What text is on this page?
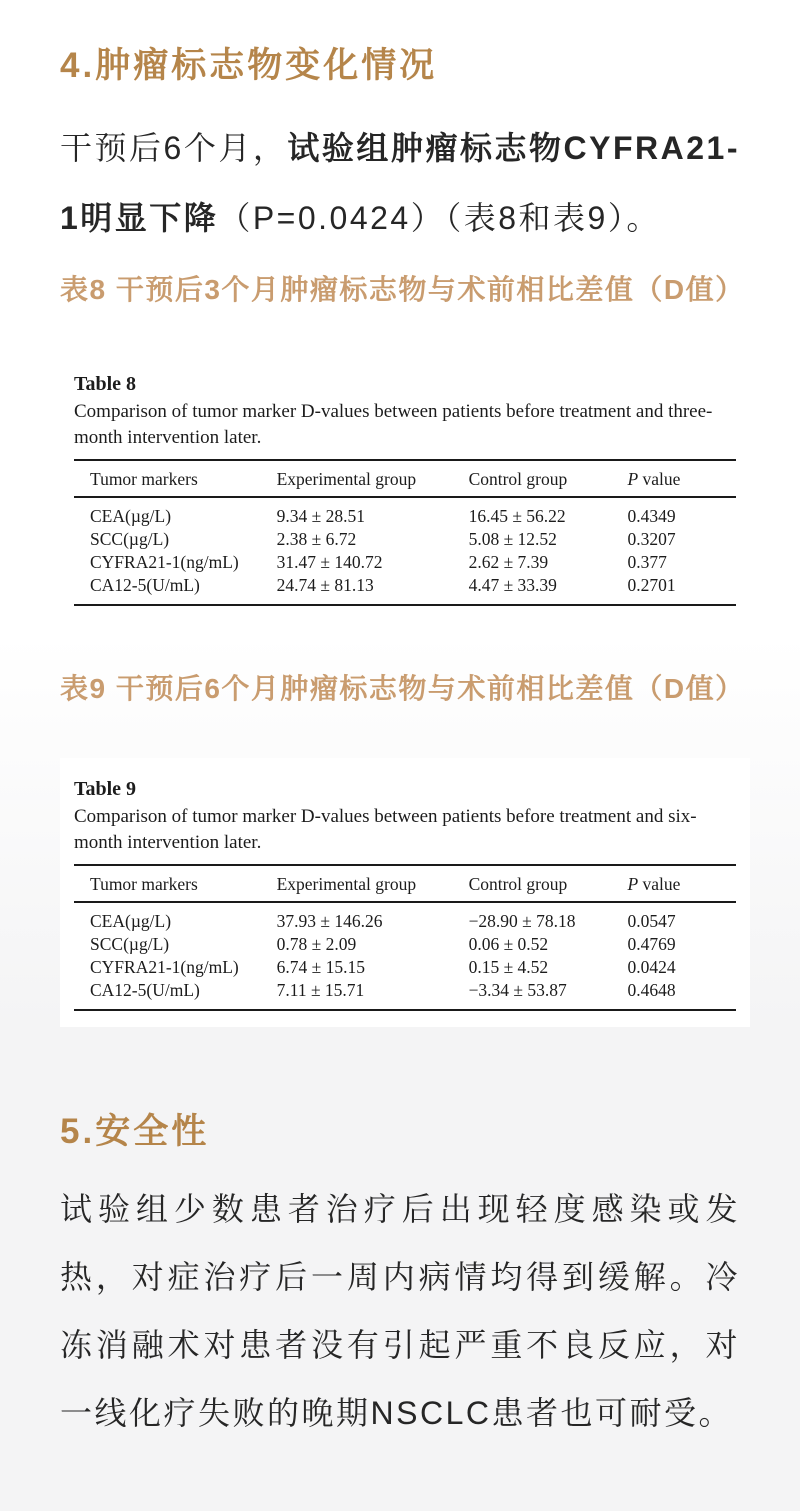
4.肿瘤标志物变化情况

干预后6个月，试验组肿瘤标志物CYFRA21-1明显下降（P=0.0424）（表8和表9）。

表8 干预后3个月肿瘤标志物与术前相比差值（D值）
Table 8
Comparison of tumor marker D-values between patients before treatment and three-month intervention later.
Tumor markers	Experimental group	Control group	P value
CEA(µg/L)	9.34 ± 28.51	16.45 ± 56.22	0.4349
SCC(µg/L)	2.38 ± 6.72	5.08 ± 12.52	0.3207
CYFRA21-1(ng/mL)	31.47 ± 140.72	2.62 ± 7.39	0.377
CA12-5(U/mL)	24.74 ± 81.13	4.47 ± 33.39	0.2701
表9 干预后6个月肿瘤标志物与术前相比差值（D值）
Table 9
Comparison of tumor marker D-values between patients before treatment and six-month intervention later.
Tumor markers	Experimental group	Control group	P value
CEA(µg/L)	37.93 ± 146.26	−28.90 ± 78.18	0.0547
SCC(µg/L)	0.78 ± 2.09	0.06 ± 0.52	0.4769
CYFRA21-1(ng/mL)	6.74 ± 15.15	0.15 ± 4.52	0.0424
CA12-5(U/mL)	7.11 ± 15.71	−3.34 ± 53.87	0.4648
5.安全性

试验组少数患者治疗后出现轻度感染或发热，对症治疗后一周内病情均得到缓解。冷冻消融术对患者没有引起严重不良反应，对一线化疗失败的晚期NSCLC患者也可耐受。
